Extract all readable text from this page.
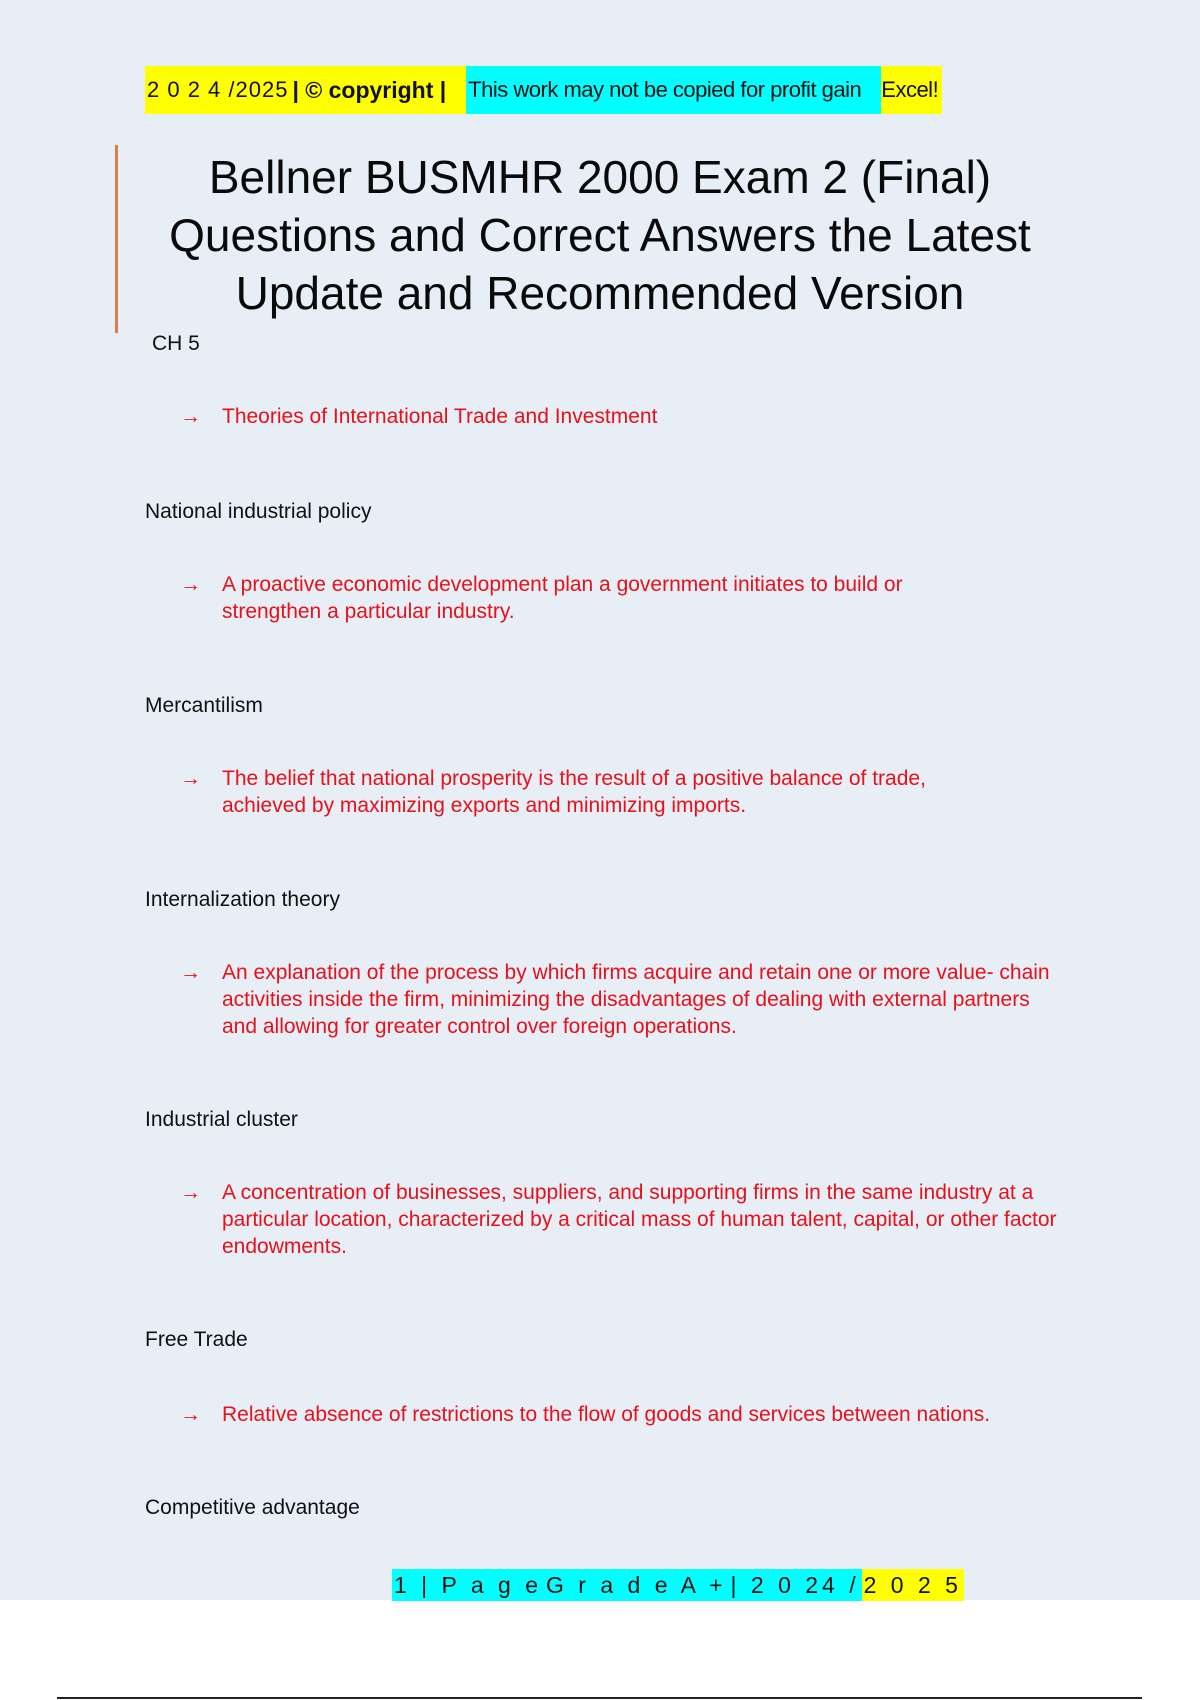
2 0 2 4 /2025 | © copyright |	This work may not be copied for profit gain Excel!
Bellner BUSMHR 2000 Exam 2 (Final) Questions and Correct Answers the Latest Update and Recommended Version
CH 5
→ Theories of International Trade and Investment
National industrial policy
→ A proactive economic development plan a government initiates to build or strengthen a particular industry.
Mercantilism
→ The belief that national prosperity is the result of a positive balance of trade, achieved by maximizing exports and minimizing imports.
Internalization theory
→ An explanation of the process by which firms acquire and retain one or more value- chain activities inside the firm, minimizing the disadvantages of dealing with external partners and allowing for greater control over foreign operations.
Industrial cluster
→ A concentration of businesses, suppliers, and supporting firms in the same industry at a particular location, characterized by a critical mass of human talent, capital, or other factor endowments.
Free Trade
→ Relative absence of restrictions to the flow of goods and services between nations.
Competitive advantage
1 | P a g e G r a d e A + | 2 0 24 / 2 0 2 5
